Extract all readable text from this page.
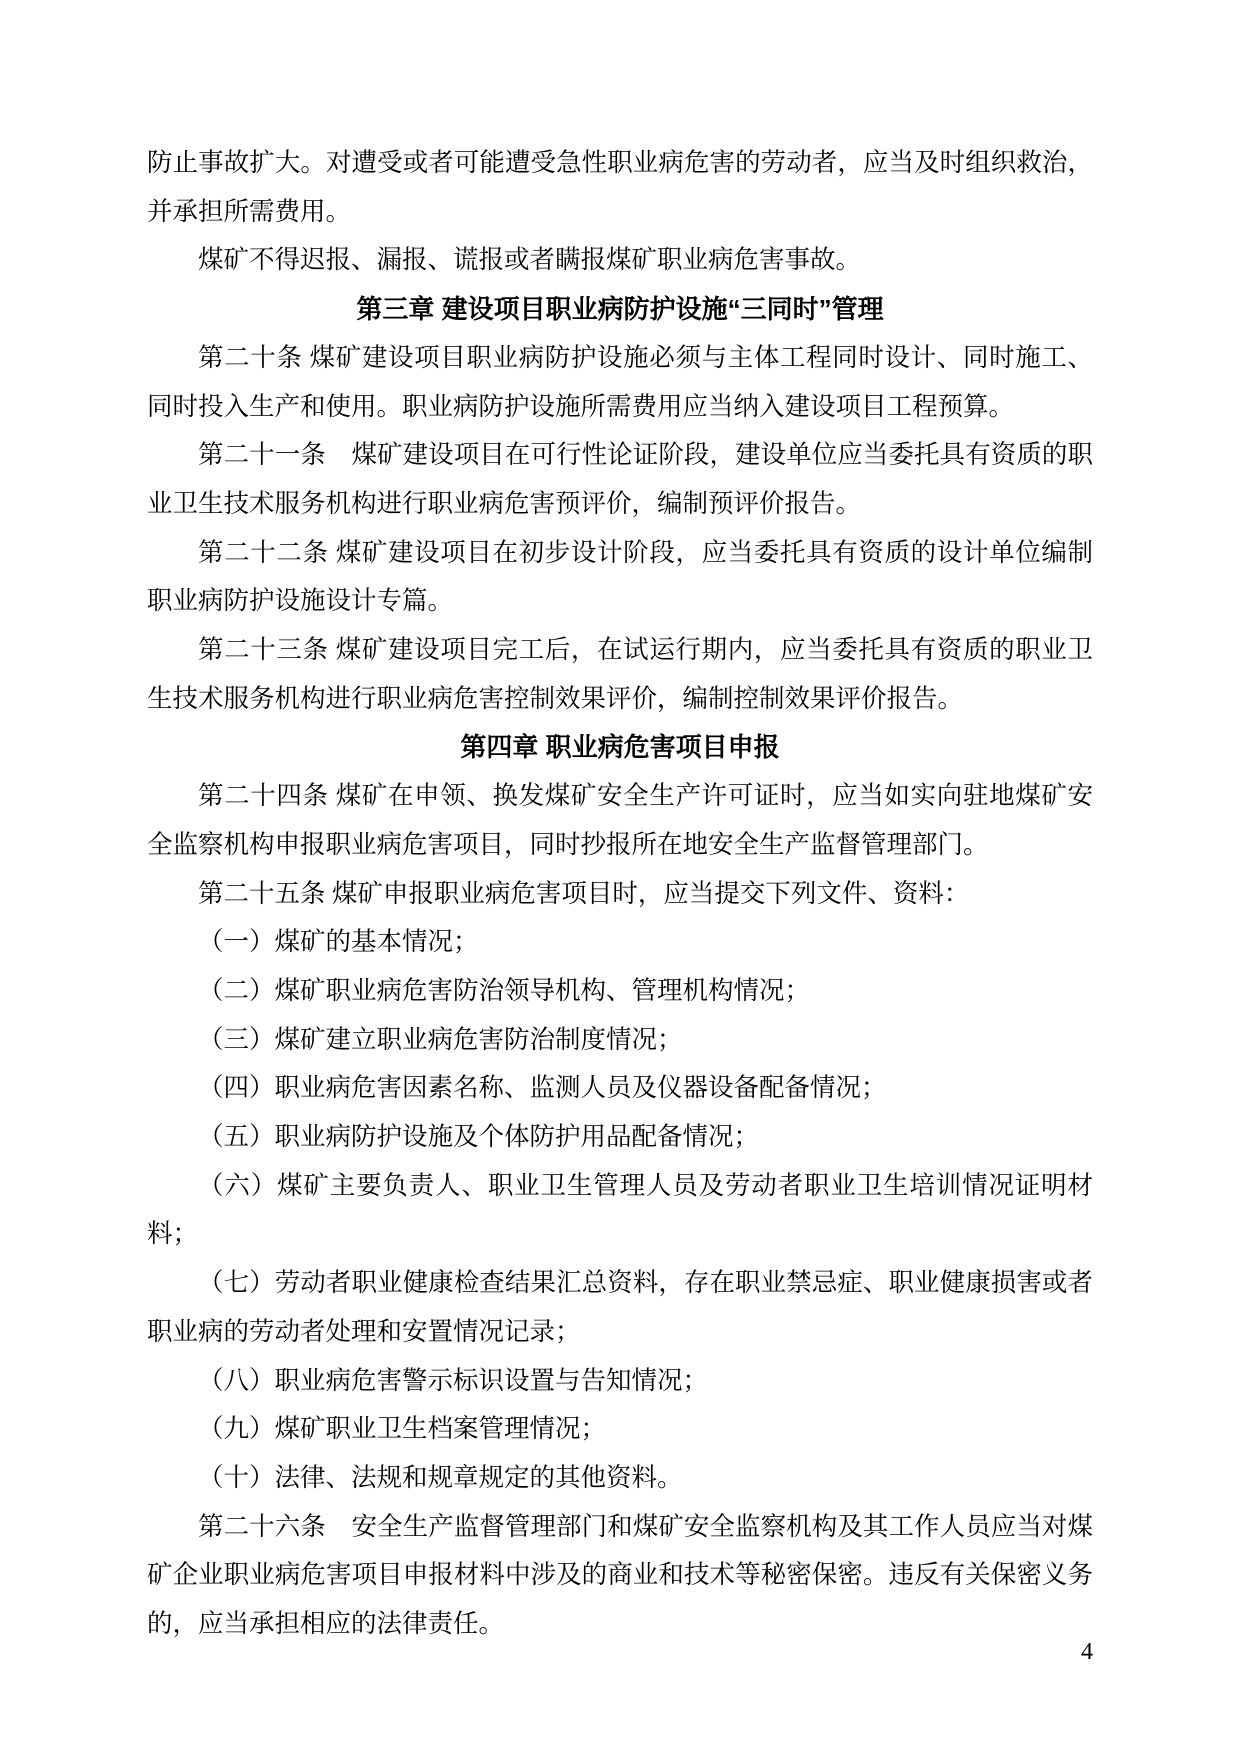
防止事故扩大。对遭受或者可能遭受急性职业病危害的劳动者，应当及时组织救治，并承担所需费用。

煤矿不得迟报、漏报、谎报或者瞒报煤矿职业病危害事故。

第三章 建设项目职业病防护设施“三同时”管理

第二十条 煤矿建设项目职业病防护设施必须与主体工程同时设计、同时施工、同时投入生产和使用。职业病防护设施所需费用应当纳入建设项目工程预算。

第二十一条　煤矿建设项目在可行性论证阶段，建设单位应当委托具有资质的职业卫生技术服务机构进行职业病危害预评价，编制预评价报告。

第二十二条 煤矿建设项目在初步设计阶段，应当委托具有资质的设计单位编制职业病防护设施设计专篇。

第二十三条 煤矿建设项目完工后，在试运行期内，应当委托具有资质的职业卫生技术服务机构进行职业病危害控制效果评价，编制控制效果评价报告。

第四章 职业病危害项目申报

第二十四条 煤矿在申领、换发煤矿安全生产许可证时，应当如实向驻地煤矿安全监察机构申报职业病危害项目，同时抄报所在地安全生产监督管理部门。

第二十五条 煤矿申报职业病危害项目时，应当提交下列文件、资料：

（一）煤矿的基本情况；

（二）煤矿职业病危害防治领导机构、管理机构情况；

（三）煤矿建立职业病危害防治制度情况；

（四）职业病危害因素名称、监测人员及仪器设备配备情况；

（五）职业病防护设施及个体防护用品配备情况；

（六）煤矿主要负责人、职业卫生管理人员及劳动者职业卫生培训情况证明材料；

（七）劳动者职业健康检查结果汇总资料，存在职业禁忌症、职业健康损害或者职业病的劳动者处理和安置情况记录；

（八）职业病危害警示标识设置与告知情况；

（九）煤矿职业卫生档案管理情况；

（十）法律、法规和规章规定的其他资料。

第二十六条　安全生产监督管理部门和煤矿安全监察机构及其工作人员应当对煤矿企业职业病危害项目申报材料中涉及的商业和技术等秘密保密。违反有关保密义务的，应当承担相应的法律责任。

4
